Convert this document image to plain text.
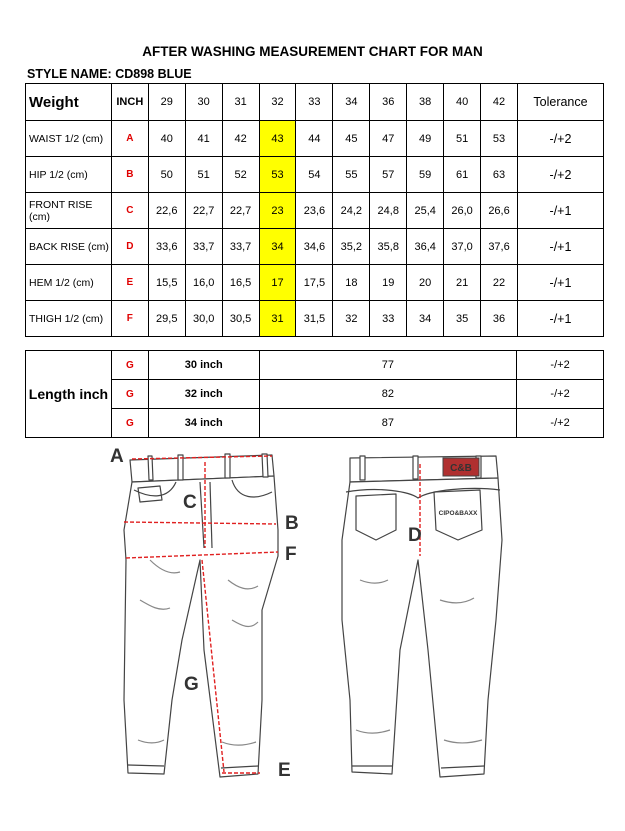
AFTER WASHING MEASUREMENT CHART FOR MAN
STYLE NAME: CD898 BLUE
Weight	INCH	29	30	31	32	33	34	36	38	40	42	Tolerance
WAIST 1/2 (cm)	A	40	41	42	43	44	45	47	49	51	53	-/+2
HIP 1/2 (cm)	B	50	51	52	53	54	55	57	59	61	63	-/+2
FRONT RISE (cm)	C	22,6	22,7	22,7	23	23,6	24,2	24,8	25,4	26,0	26,6	-/+1
BACK RISE (cm)	D	33,6	33,7	33,7	34	34,6	35,2	35,8	36,4	37,0	37,6	-/+1
HEM 1/2 (cm)	E	15,5	16,0	16,5	17	17,5	18	19	20	21	22	-/+1
THIGH 1/2 (cm)	F	29,5	30,0	30,5	31	31,5	32	33	34	35	36	-/+1
Length inch	G	30 inch	77	-/+2
	G	32 inch	82	-/+2
	G	34 inch	87	-/+2
A
B
C
F
G
E
C&B
CIPO&BAXX
D
